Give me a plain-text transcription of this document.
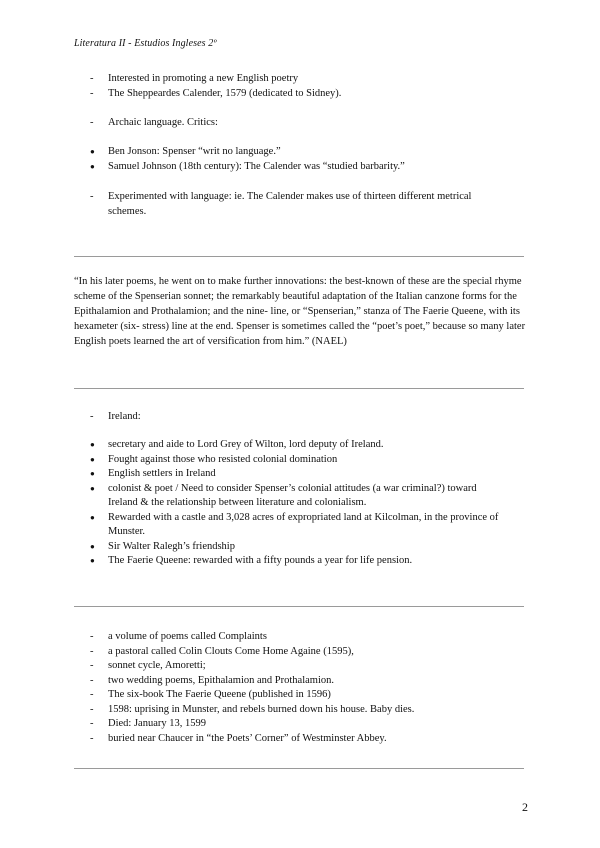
Literatura II - Estudios Ingleses 2º
- Interested in promoting a new English poetry
- The Sheppeardes Calender, 1579 (dedicated to Sidney).
- Archaic language. Critics:
● Ben Jonson: Spenser “writ no language.”
● Samuel Johnson (18th century): The Calender was “studied barbarity.”
- Experimented with language: ie. The Calender makes use of thirteen different metrical
schemes.
“In his later poems, he went on to make further innovations: the best-known of these are the special rhyme scheme of the Spenserian sonnet; the remarkably beautiful adaptation of the Italian canzone forms for the Epithalamion and Prothalamion; and the nine- line, or “Spenserian,” stanza of The Faerie Queene, with its hexameter (six- stress) line at the end. Spenser is sometimes called the “poet’s poet,” because so many later English poets learned the art of versification from him.” (NAEL)
- Ireland:
● secretary and aide to Lord Grey of Wilton, lord deputy of Ireland.
● Fought against those who resisted colonial domination
● English settlers in Ireland
● colonist & poet / Need to consider Spenser’s colonial attitudes (a war criminal?) toward
Ireland & the relationship between literature and colonialism.
● Rewarded with a castle and 3,028 acres of expropriated land at Kilcolman, in the province of
Munster.
● Sir Walter Ralegh’s friendship
● The Faerie Queene: rewarded with a fifty pounds a year for life pension.
- a volume of poems called Complaints
- a pastoral called Colin Clouts Come Home Againe (1595),
- sonnet cycle, Amoretti;
- two wedding poems, Epithalamion and Prothalamion.
- The six-book The Faerie Queene (published in 1596)
- 1598: uprising in Munster, and rebels burned down his house. Baby dies.
- Died: January 13, 1599
- buried near Chaucer in “the Poets’ Corner” of Westminster Abbey.
2
